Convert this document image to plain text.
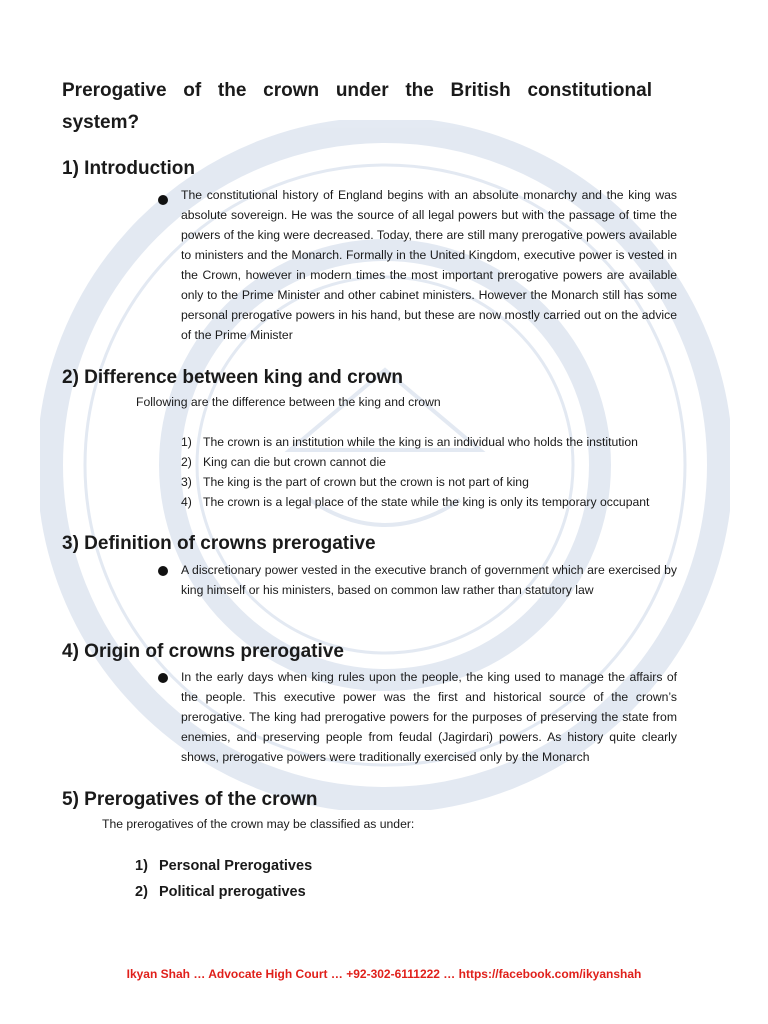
Prerogative of the crown under the British constitutional system?
1) Introduction

The constitutional history of England begins with an absolute monarchy and the king was absolute sovereign. He was the source of all legal powers but with the passage of time the powers of the king were decreased. Today, there are still many prerogative powers available to ministers and the Monarch. Formally in the United Kingdom, executive power is vested in the Crown, however in modern times the most important prerogative powers are available only to the Prime Minister and other cabinet ministers. However the Monarch still has some personal prerogative powers in his hand, but these are now mostly carried out on the advice of the Prime Minister

2) Difference between king and crown
Following are the difference between the king and crown
1) The crown is an institution while the king is an individual who holds the institution
2) King can die but crown cannot die
3) The king is the part of crown but the crown is not part of king
4) The crown is a legal place of the state while the king is only its temporary occupant
3) Definition of crowns prerogative

A discretionary power vested in the executive branch of government which are exercised by king himself or his ministers, based on common law rather than statutory law

4) Origin of crowns prerogative

In the early days when king rules upon the people, the king used to manage the affairs of the people. This executive power was the first and historical source of the crown’s prerogative. The king had prerogative powers for the purposes of preserving the state from enemies, and preserving people from feudal (Jagirdari) powers. As history quite clearly shows, prerogative powers were traditionally exercised only by the Monarch

5) Prerogatives of the crown
The prerogatives of the crown may be classified as under:
1) Personal Prerogatives
2) Political prerogatives
Ikyan Shah … Advocate High Court … +92-302-6111222 … https://facebook.com/ikyanshah
